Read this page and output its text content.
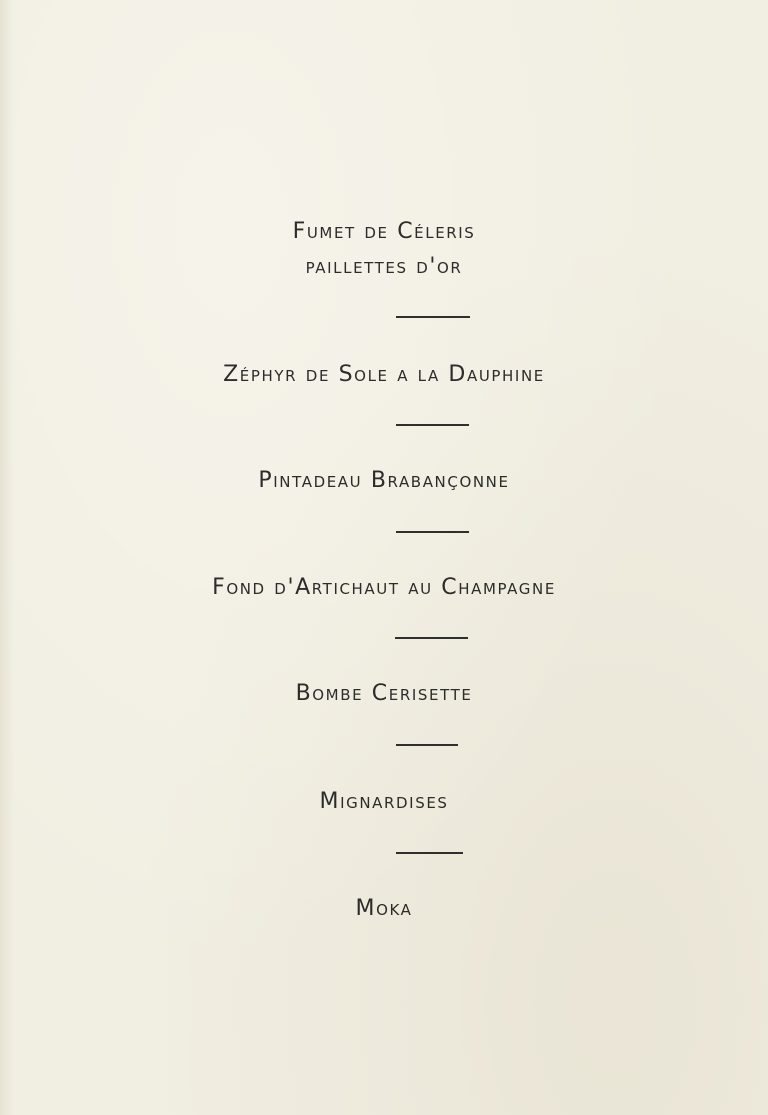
Fumet de Céleris
paillettes d'or
Zéphyr de Sole a la Dauphine
Pintadeau Brabançonne
Fond d'Artichaut au Champagne
Bombe Cerisette
Mignardises
Moka
